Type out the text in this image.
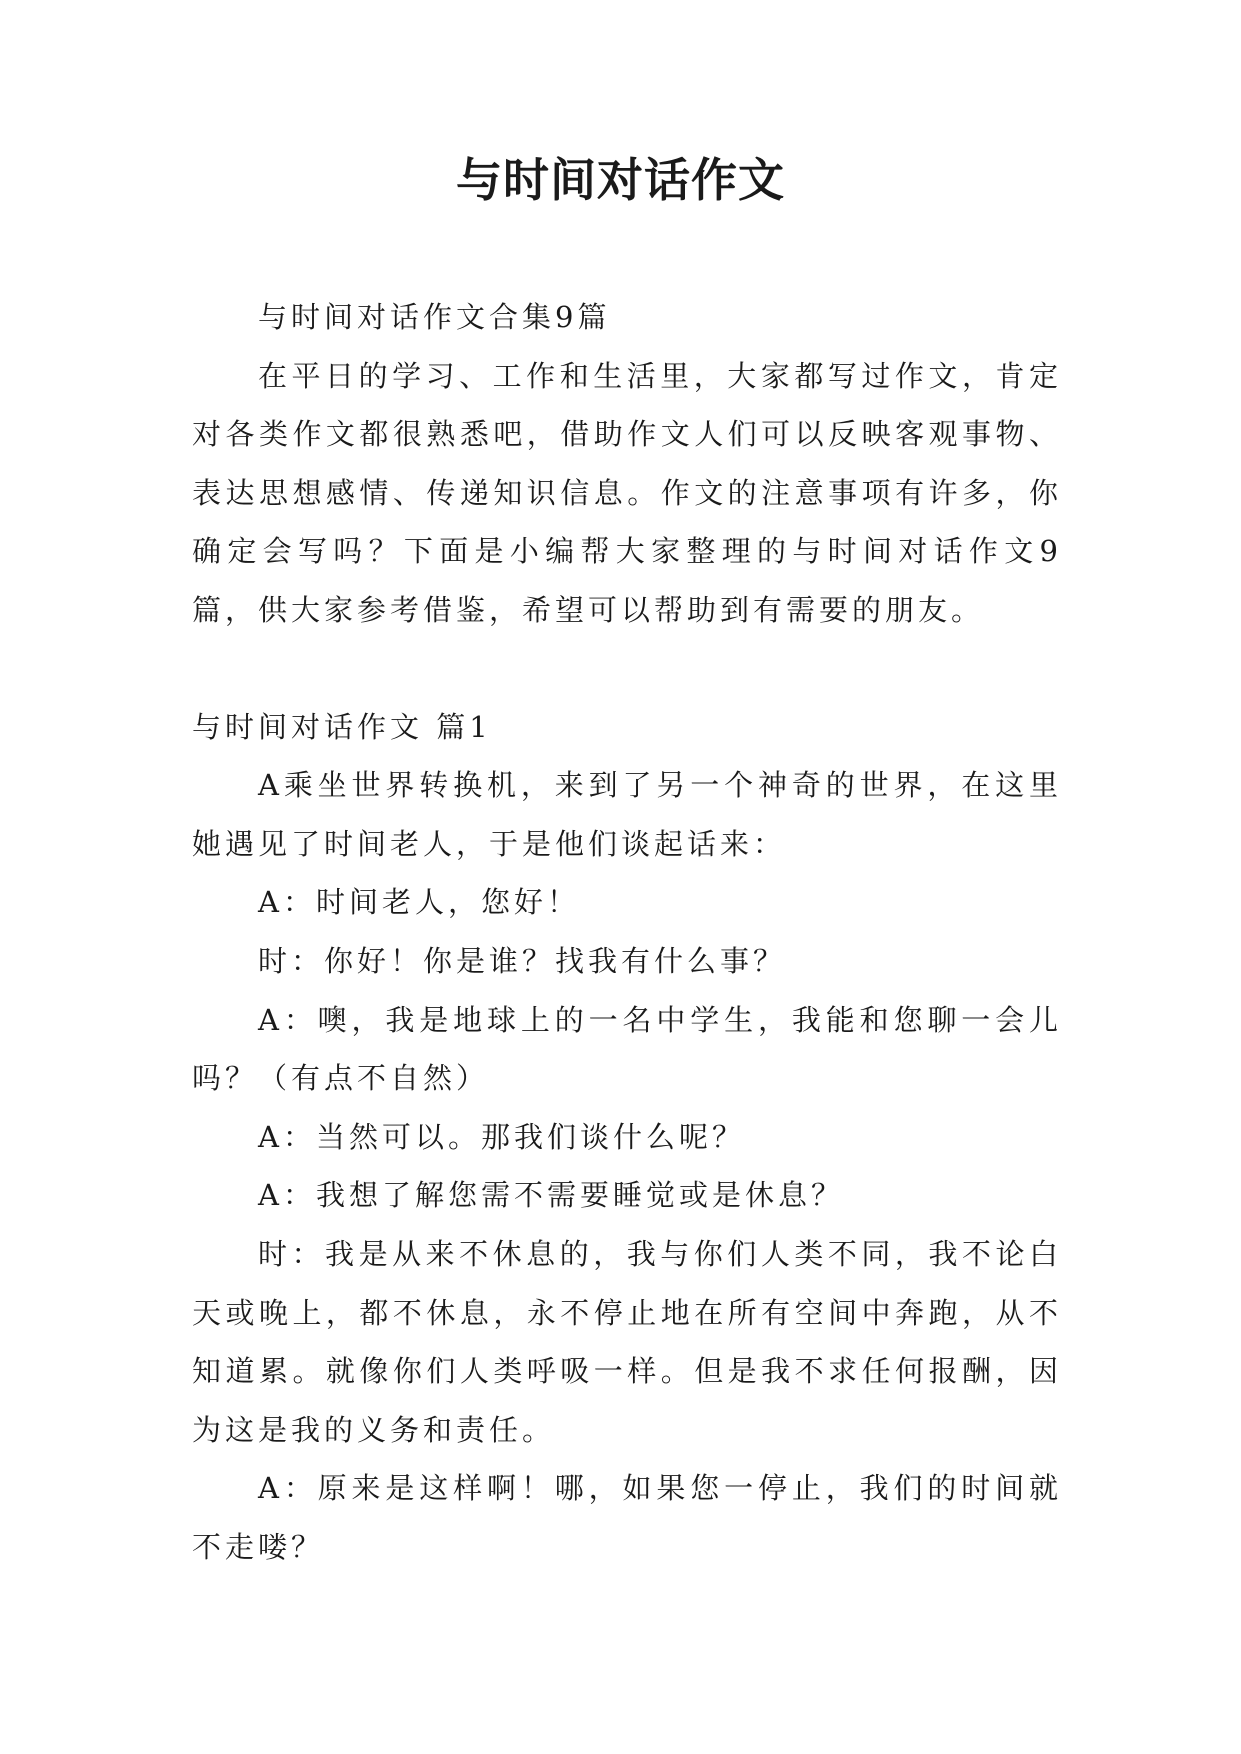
与时间对话作文

与时间对话作文合集9篇

在平日的学习、工作和生活里，大家都写过作文，肯定对各类作文都很熟悉吧，借助作文人们可以反映客观事物、表达思想感情、传递知识信息。作文的注意事项有许多，你确定会写吗？下面是小编帮大家整理的与时间对话作文9篇，供大家参考借鉴，希望可以帮助到有需要的朋友。

与时间对话作文 篇1

A乘坐世界转换机，来到了另一个神奇的世界，在这里她遇见了时间老人，于是他们谈起话来：

A：时间老人，您好！

时：你好！你是谁？找我有什么事？

A：噢，我是地球上的一名中学生，我能和您聊一会儿吗？（有点不自然）

A：当然可以。那我们谈什么呢？

A：我想了解您需不需要睡觉或是休息？

时：我是从来不休息的，我与你们人类不同，我不论白天或晚上，都不休息，永不停止地在所有空间中奔跑，从不知道累。就像你们人类呼吸一样。但是我不求任何报酬，因为这是我的义务和责任。

A：原来是这样啊！哪，如果您一停止，我们的时间就不走喽？
